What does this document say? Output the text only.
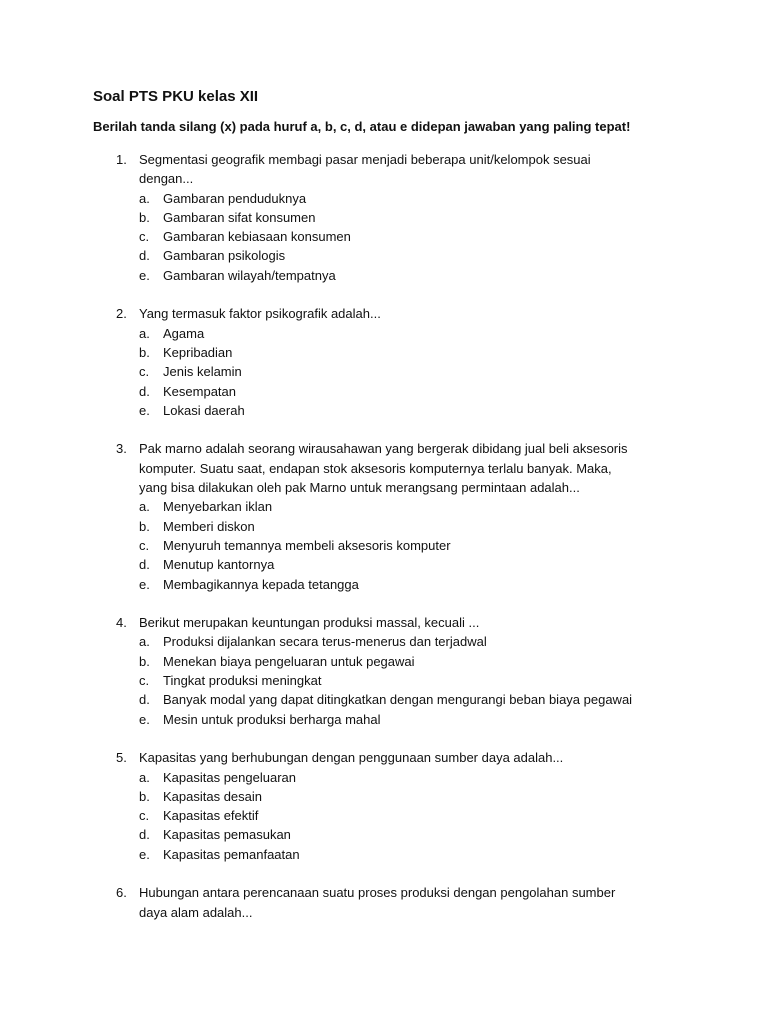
Soal PTS PKU kelas XII

Berilah tanda silang (x) pada huruf a, b, c, d, atau e didepan jawaban yang paling tepat!

1. Segmentasi geografik membagi pasar menjadi beberapa unit/kelompok sesuai
dengan...
a. Gambaran penduduknya
b. Gambaran sifat konsumen
c. Gambaran kebiasaan konsumen
d. Gambaran psikologis
e. Gambaran wilayah/tempatnya
2. Yang termasuk faktor psikografik adalah...
a. Agama
b. Kepribadian
c. Jenis kelamin
d. Kesempatan
e. Lokasi daerah
3. Pak marno adalah seorang wirausahawan yang bergerak dibidang jual beli aksesoris
komputer. Suatu saat, endapan stok aksesoris komputernya terlalu banyak. Maka,
yang bisa dilakukan oleh pak Marno untuk merangsang permintaan adalah...
a. Menyebarkan iklan
b. Memberi diskon
c. Menyuruh temannya membeli aksesoris komputer
d. Menutup kantornya
e. Membagikannya kepada tetangga
4. Berikut merupakan keuntungan produksi massal, kecuali ...
a. Produksi dijalankan secara terus-menerus dan terjadwal
b. Menekan biaya pengeluaran untuk pegawai
c. Tingkat produksi meningkat
d. Banyak modal yang dapat ditingkatkan dengan mengurangi beban biaya pegawai
e. Mesin untuk produksi berharga mahal
5. Kapasitas yang berhubungan dengan penggunaan sumber daya adalah...
a. Kapasitas pengeluaran
b. Kapasitas desain
c. Kapasitas efektif
d. Kapasitas pemasukan
e. Kapasitas pemanfaatan
6. Hubungan antara perencanaan suatu proses produksi dengan pengolahan sumber
daya alam adalah...
